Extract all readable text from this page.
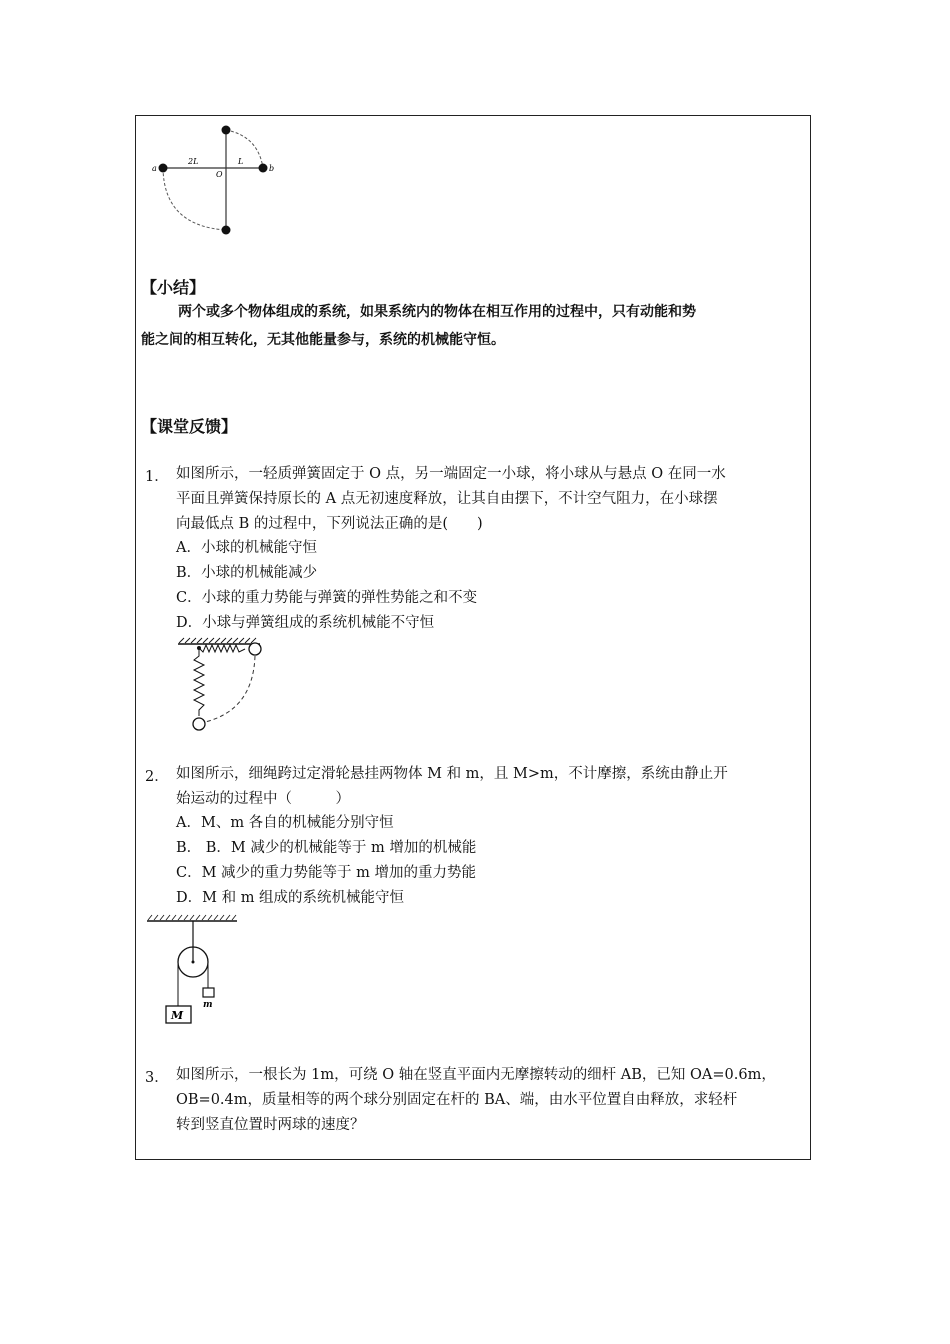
a	b
O
2L	L
【小结】
两个或多个物体组成的系统，如果系统内的物体在相互作用的过程中，只有动能和势
能之间的相互转化，无其他能量参与，系统的机械能守恒。
【课堂反馈】
1． 如图所示，一轻质弹簧固定于 O 点，另一端固定一小球，将小球从与悬点 O 在同一水
平面且弹簧保持原长的 A 点无初速度释放，让其自由摆下，不计空气阻力，在小球摆
向最低点 B 的过程中，下列说法正确的是(　　)
A．小球的机械能守恒
B．小球的机械能减少
C．小球的重力势能与弹簧的弹性势能之和不变
D．小球与弹簧组成的系统机械能不守恒
2． 如图所示，细绳跨过定滑轮悬挂两物体 M 和 m，且 M>m，不计摩擦，系统由静止开
始运动的过程中（　　　）
A．M、m 各自的机械能分别守恒
B． B．M 减少的机械能等于 m 增加的机械能
C．M 减少的重力势能等于 m 增加的重力势能
D．M 和 m 组成的系统机械能守恒
M
m
3． 如图所示，一根长为 1m，可绕 O 轴在竖直平面内无摩擦转动的细杆 AB，已知 OA=0.6m，
OB=0.4m，质量相等的两个球分别固定在杆的 BA、端，由水平位置自由释放，求轻杆
转到竖直位置时两球的速度？
